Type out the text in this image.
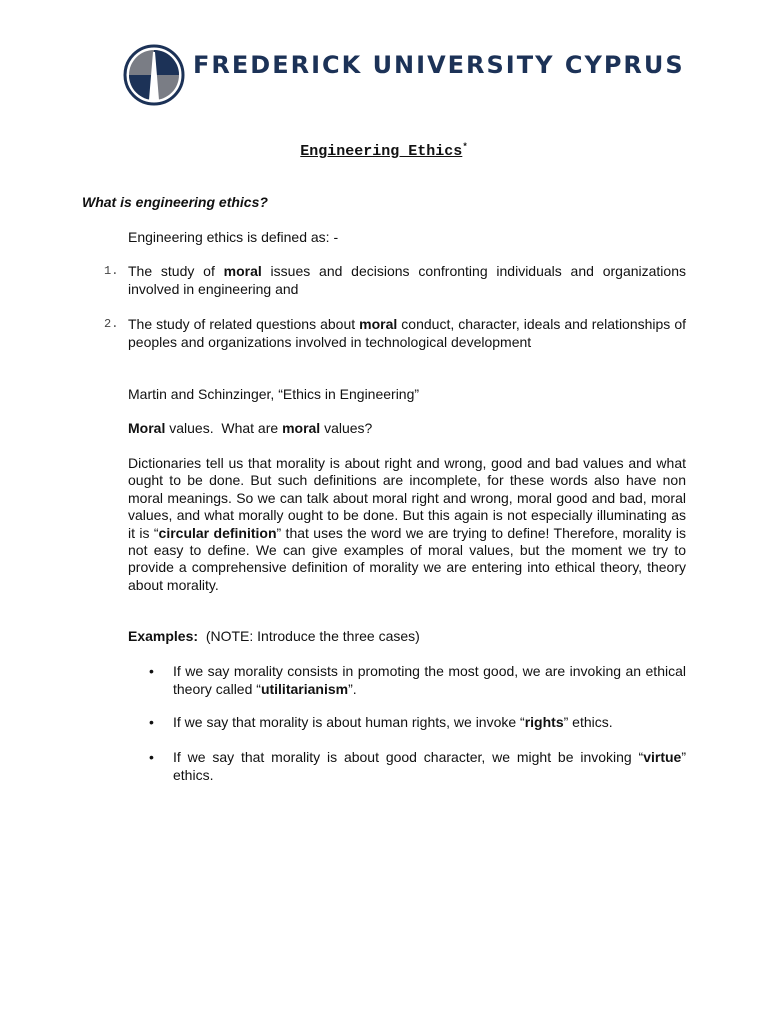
FREDERICK UNIVERSITY CYPRUS
Engineering Ethics*
What is engineering ethics?
Engineering ethics is defined as: -
1. The study of moral issues and decisions confronting individuals and organizations involved in engineering and
2. The study of related questions about moral conduct, character, ideals and relationships of peoples and organizations involved in technological development
Martin and Schinzinger, “Ethics in Engineering”
Moral values.  What are moral values?
Dictionaries tell us that morality is about right and wrong, good and bad values and what ought to be done. But such definitions are incomplete, for these words also have non moral meanings. So we can talk about moral right and wrong, moral good and bad, moral values, and what morally ought to be done. But this again is not especially illuminating as it is “circular definition” that uses the word we are trying to define! Therefore, morality is not easy to define. We can give examples of moral values, but the moment we try to provide a comprehensive definition of morality we are entering into ethical theory, theory about morality.
Examples:  (NOTE: Introduce the three cases)
• If we say morality consists in promoting the most good, we are invoking an ethical theory called “utilitarianism”.
• If we say that morality is about human rights, we invoke “rights” ethics.
• If we say that morality is about good character, we might be invoking “virtue” ethics.
